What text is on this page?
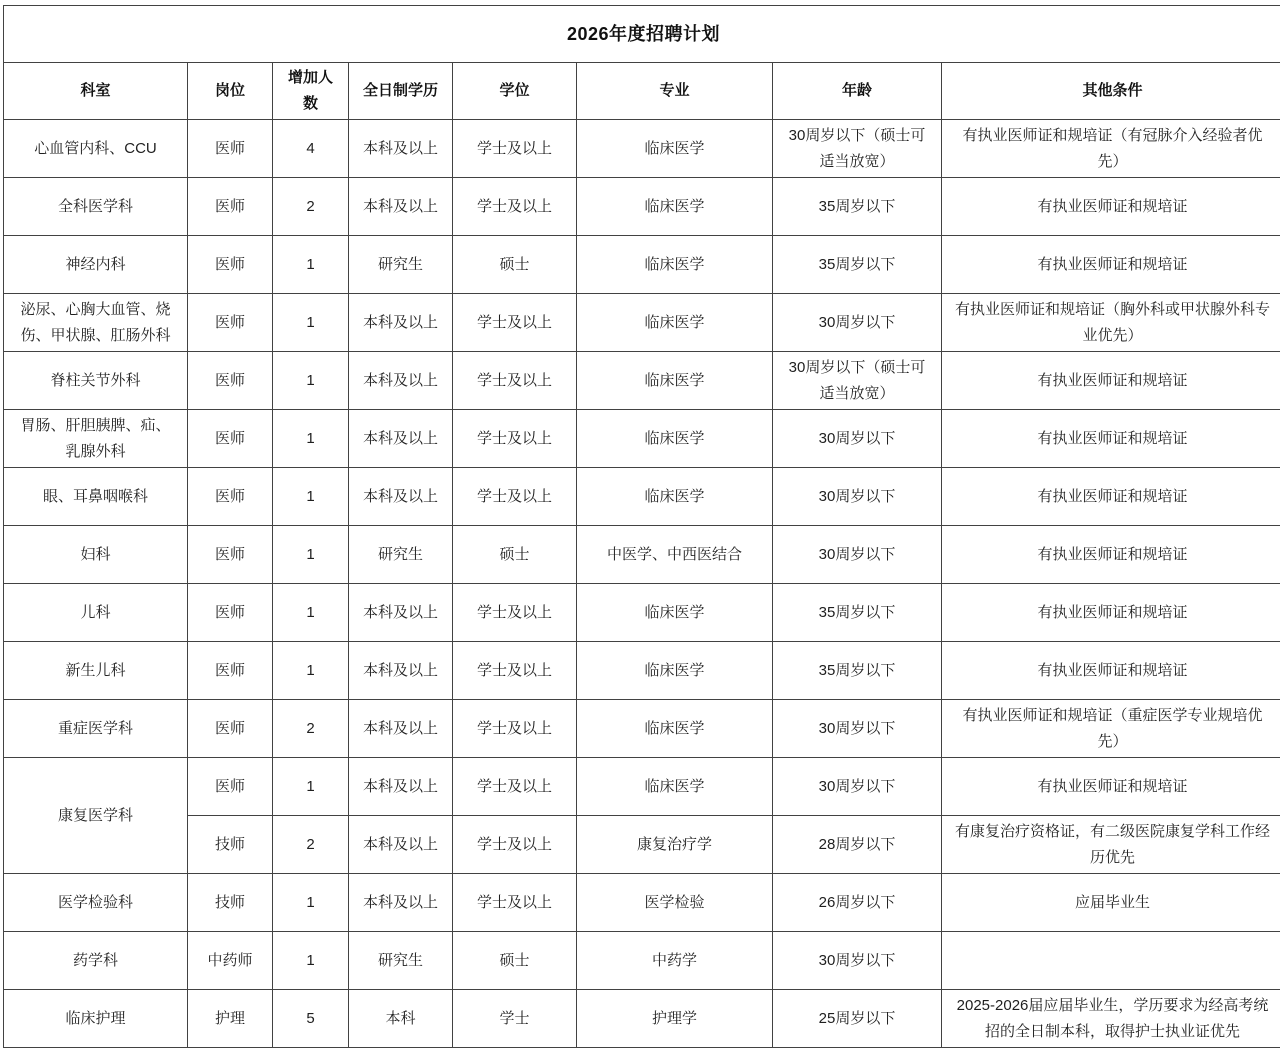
2026年度招聘计划							
科室	岗位	增加人数	全日制学历	学位	专业	年龄	其他条件
心血管内科、CCU	医师	4	本科及以上	学士及以上	临床医学	30周岁以下（硕士可适当放宽）	有执业医师证和规培证（有冠脉介入经验者优先）
全科医学科	医师	2	本科及以上	学士及以上	临床医学	35周岁以下	有执业医师证和规培证
神经内科	医师	1	研究生	硕士	临床医学	35周岁以下	有执业医师证和规培证
泌尿、心胸大血管、烧伤、甲状腺、肛肠外科	医师	1	本科及以上	学士及以上	临床医学	30周岁以下	有执业医师证和规培证（胸外科或甲状腺外科专业优先）
脊柱关节外科	医师	1	本科及以上	学士及以上	临床医学	30周岁以下（硕士可适当放宽）	有执业医师证和规培证
胃肠、肝胆胰脾、疝、乳腺外科	医师	1	本科及以上	学士及以上	临床医学	30周岁以下	有执业医师证和规培证
眼、耳鼻咽喉科	医师	1	本科及以上	学士及以上	临床医学	30周岁以下	有执业医师证和规培证
妇科	医师	1	研究生	硕士	中医学、中西医结合	30周岁以下	有执业医师证和规培证
儿科	医师	1	本科及以上	学士及以上	临床医学	35周岁以下	有执业医师证和规培证
新生儿科	医师	1	本科及以上	学士及以上	临床医学	35周岁以下	有执业医师证和规培证
重症医学科	医师	2	本科及以上	学士及以上	临床医学	30周岁以下	有执业医师证和规培证（重症医学专业规培优先）
康复医学科	医师	1	本科及以上	学士及以上	临床医学	30周岁以下	有执业医师证和规培证
	技师	2	本科及以上	学士及以上	康复治疗学	28周岁以下	有康复治疗资格证，有二级医院康复学科工作经历优先
医学检验科	技师	1	本科及以上	学士及以上	医学检验	26周岁以下	应届毕业生
药学科	中药师	1	研究生	硕士	中药学	30周岁以下	
临床护理	护理	5	本科	学士	护理学	25周岁以下	2025-2026届应届毕业生，学历要求为经高考统招的全日制本科，取得护士执业证优先
